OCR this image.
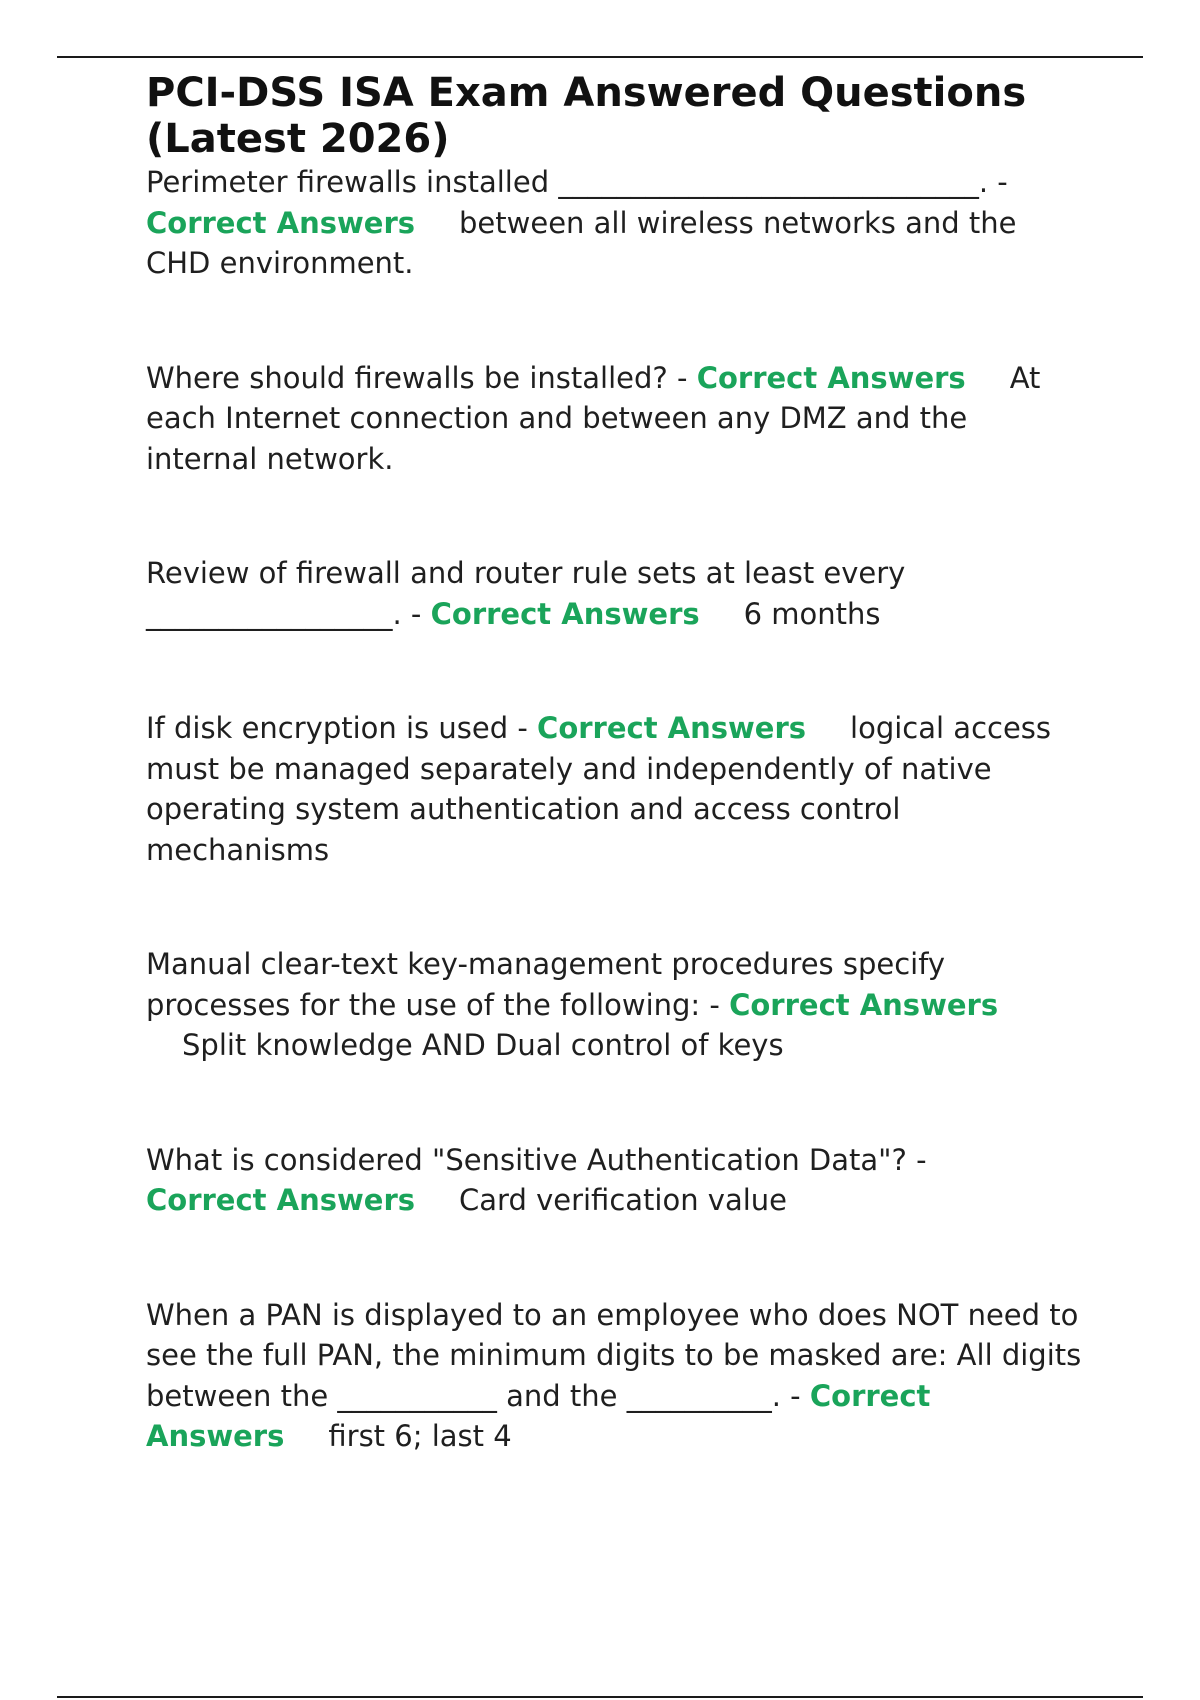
PCI-DSS ISA Exam Answered Questions
(Latest 2026)

Perimeter firewalls installed _____________________________. -
Correct Answers between all wireless networks and the CHD environment.

Where should firewalls be installed? - Correct Answers At each Internet connection and between any DMZ and the internal network.

Review of firewall and router rule sets at least every
_________________. - Correct Answers 6 months

If disk encryption is used - Correct Answers logical access must be managed separately and independently of native operating system authentication and access control mechanisms

Manual clear-text key-management procedures specify processes for the use of the following: - Correct Answers
Split knowledge AND Dual control of keys

What is considered "Sensitive Authentication Data"? -
Correct Answers Card verification value

When a PAN is displayed to an employee who does NOT need to see the full PAN, the minimum digits to be masked are: All digits between the ___________ and the __________. - Correct
Answers first 6; last 4
